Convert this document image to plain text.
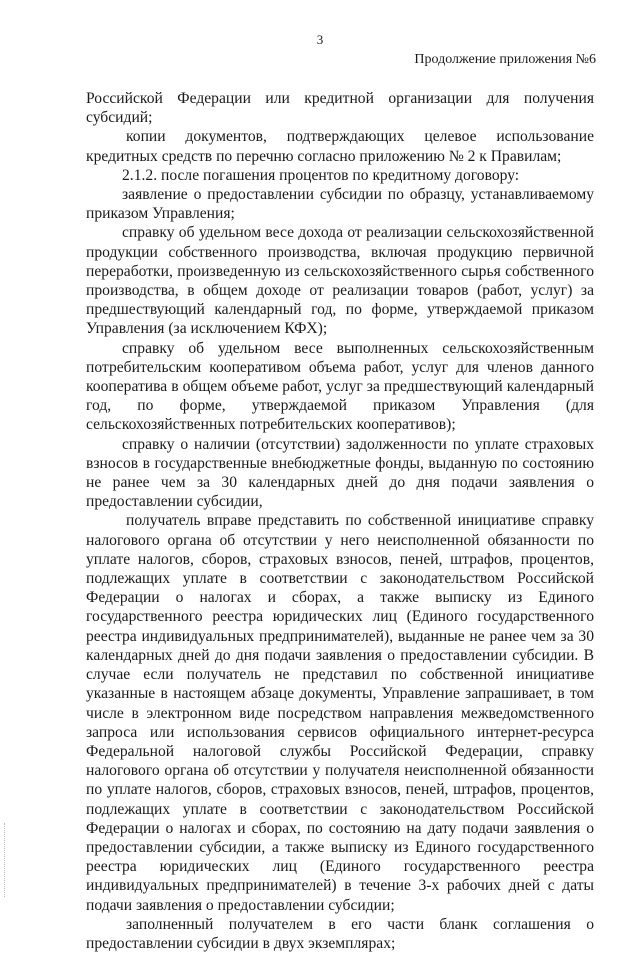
3
Продолжение приложения №6

Российской Федерации или кредитной организации для получения субсидий;

копии документов, подтверждающих целевое использование кредитных средств по перечню согласно приложению № 2 к Правилам;

2.1.2. после погашения процентов по кредитному договору:

заявление о предоставлении субсидии по образцу, устанавливаемому приказом Управления;

справку об удельном весе дохода от реализации сельскохозяйственной продукции собственного производства, включая продукцию первичной переработки, произведенную из сельскохозяйственного сырья собственного производства, в общем доходе от реализации товаров (работ, услуг) за предшествующий календарный год, по форме, утверждаемой приказом Управления (за исключением КФХ);

справку об удельном весе выполненных сельскохозяйственным потребительским кооперативом объема работ, услуг для членов данного кооператива в общем объеме работ, услуг за предшествующий календарный год, по форме, утверждаемой приказом Управления (для сельскохозяйственных потребительских кооперативов);

справку о наличии (отсутствии) задолженности по уплате страховых взносов в государственные внебюджетные фонды, выданную по состоянию не ранее чем за 30 календарных дней до дня подачи заявления о предоставлении субсидии,

получатель вправе представить по собственной инициативе справку налогового органа об отсутствии у него неисполненной обязанности по уплате налогов, сборов, страховых взносов, пеней, штрафов, процентов, подлежащих уплате в соответствии с законодательством Российской Федерации о налогах и сборах, а также выписку из Единого государственного реестра юридических лиц (Единого государственного реестра индивидуальных предпринимателей), выданные не ранее чем за 30 календарных дней до дня подачи заявления о предоставлении субсидии. В случае если получатель не представил по собственной инициативе указанные в настоящем абзаце документы, Управление запрашивает, в том числе в электронном виде посредством направления межведомственного запроса или использования сервисов официального интернет-ресурса Федеральной налоговой службы Российской Федерации, справку налогового органа об отсутствии у получателя неисполненной обязанности по уплате налогов, сборов, страховых взносов, пеней, штрафов, процентов, подлежащих уплате в соответствии с законодательством Российской Федерации о налогах и сборах, по состоянию на дату подачи заявления о предоставлении субсидии, а также выписку из Единого государственного реестра юридических лиц (Единого государственного реестра индивидуальных предпринимателей) в течение 3-х рабочих дней с даты подачи заявления о предоставлении субсидии;

заполненный получателем в его части бланк соглашения о предоставлении субсидии в двух экземплярах;
